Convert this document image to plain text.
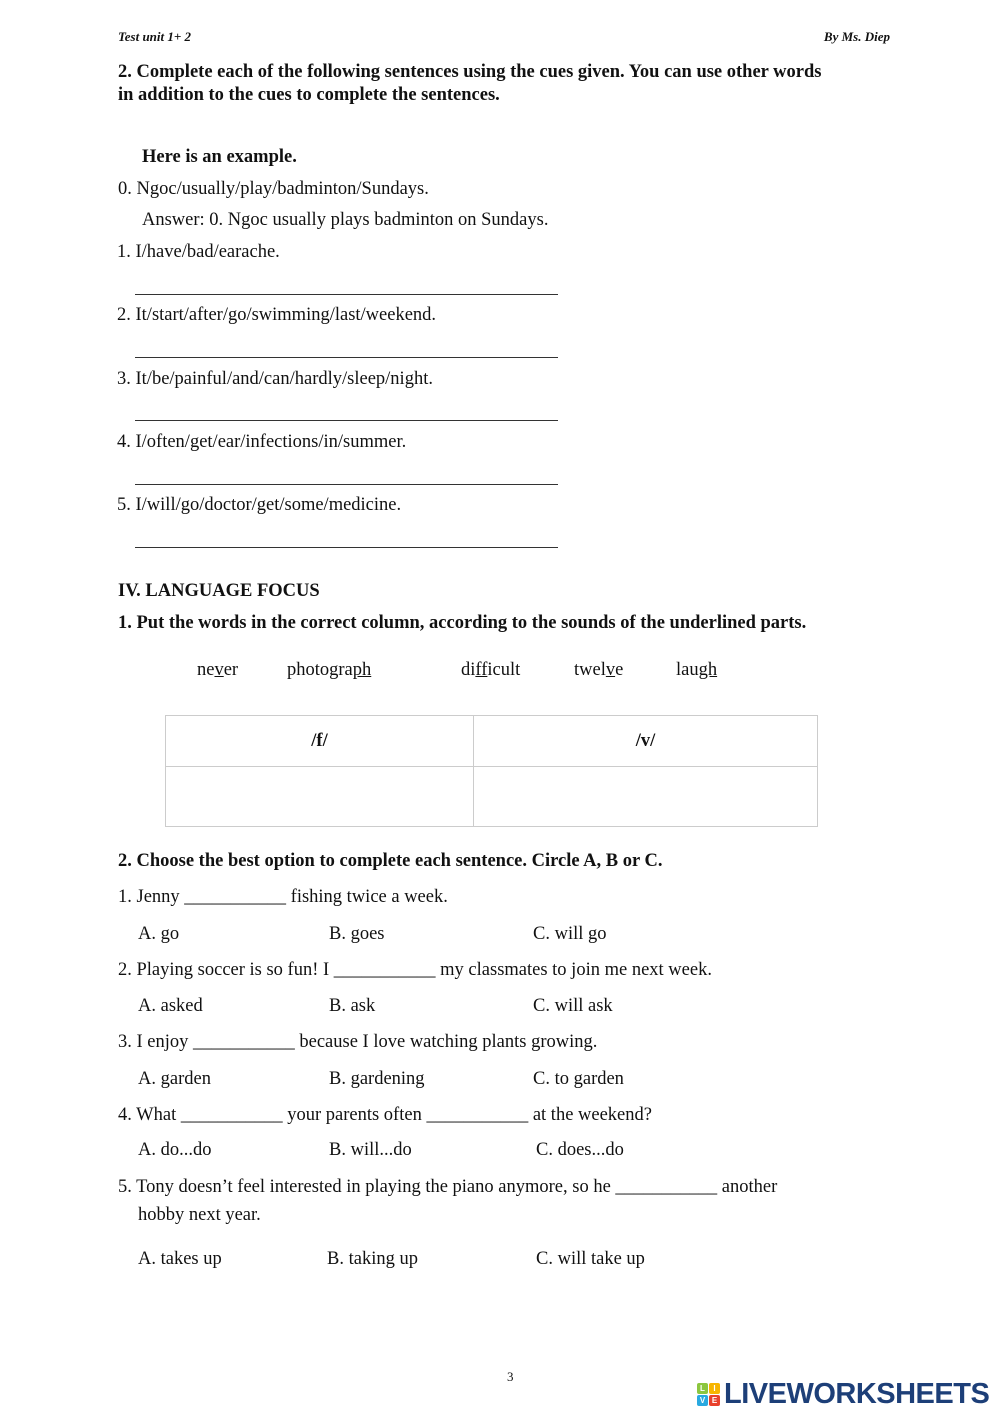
Test unit 1+ 2	By Ms. Diep
2. Complete each of the following sentences using the cues given. You can use other words
in addition to the cues to complete the sentences.
Here is an example.
0. Ngoc/usually/play/badminton/Sundays.
Answer: 0. Ngoc usually plays badminton on Sundays.
1. I/have/bad/earache.
2. It/start/after/go/swimming/last/weekend.
3. It/be/painful/and/can/hardly/sleep/night.
4. I/often/get/ear/infections/in/summer.
5. I/will/go/doctor/get/some/medicine.
IV. LANGUAGE FOCUS
1. Put the words in the correct column, according to the sounds of the underlined parts.
never	photograph	difficult	twelve	laugh
/f/	/v/

2. Choose the best option to complete each sentence. Circle A, B or C.
1. Jenny ___________ fishing twice a week.
A. go	B. goes	C. will go
2. Playing soccer is so fun! I ___________ my classmates to join me next week.
A. asked	B. ask	C. will ask
3. I enjoy ___________ because I love watching plants growing.
A. garden	B. gardening	C. to garden
4. What ___________ your parents often ___________ at the weekend?
A. do...do	B. will...do	C. does...do
5. Tony doesn’t feel interested in playing the piano anymore, so he ___________ another
hobby next year.
A. takes up	B. taking up	C. will take up
3
L	I
V E LIVEWORKSHEETS
